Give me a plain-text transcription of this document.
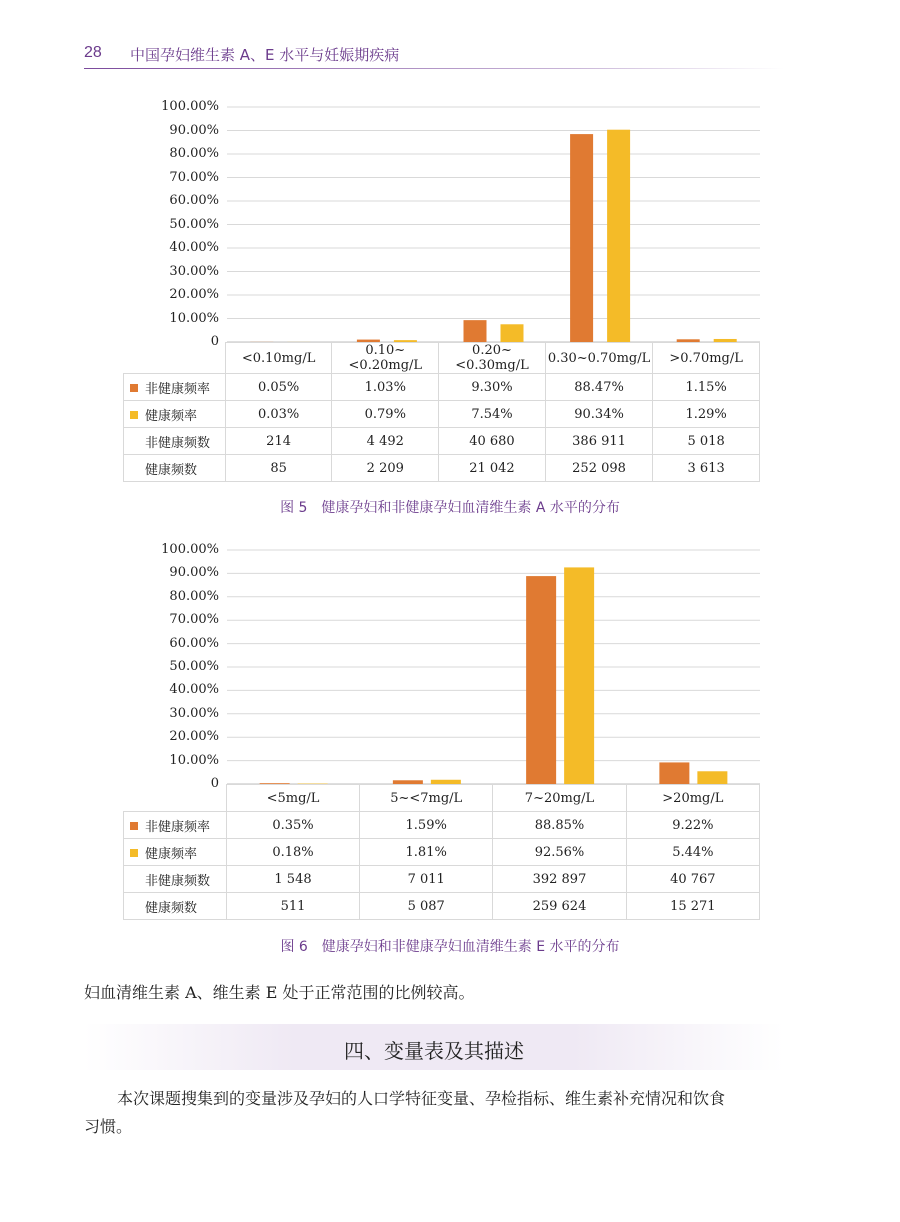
28 中国孕妇维生素 A、E 水平与妊娠期疾病
100.00%
90.00%
80.00%
70.00%
60.00%
50.00%
40.00%
30.00%
20.00%
10.00%
0
	<0.10mg/L	0.10~<0.20mg/L	0.20~<0.30mg/L	0.30~0.70mg/L	>0.70mg/L
非健康频率	0.05%	1.03%	9.30%	88.47%	1.15%
健康频率	0.03%	0.79%	7.54%	90.34%	1.29%
非健康频数	214	4 492	40 680	386 911	5 018
健康频数	85	2 209	21 042	252 098	3 613
图 5　健康孕妇和非健康孕妇血清维生素 A 水平的分布
100.00%
90.00%
80.00%
70.00%
60.00%
50.00%
40.00%
30.00%
20.00%
10.00%
0
	<5mg/L	5~<7mg/L	7~20mg/L	>20mg/L
非健康频率	0.35%	1.59%	88.85%	9.22%
健康频率	0.18%	1.81%	92.56%	5.44%
非健康频数	1 548	7 011	392 897	40 767
健康频数	511	5 087	259 624	15 271
图 6　健康孕妇和非健康孕妇血清维生素 E 水平的分布
妇血清维生素 A、维生素 E 处于正常范围的比例较高。
四、变量表及其描述
本次课题搜集到的变量涉及孕妇的人口学特征变量、孕检指标、维生素补充情况和饮食
习惯。
